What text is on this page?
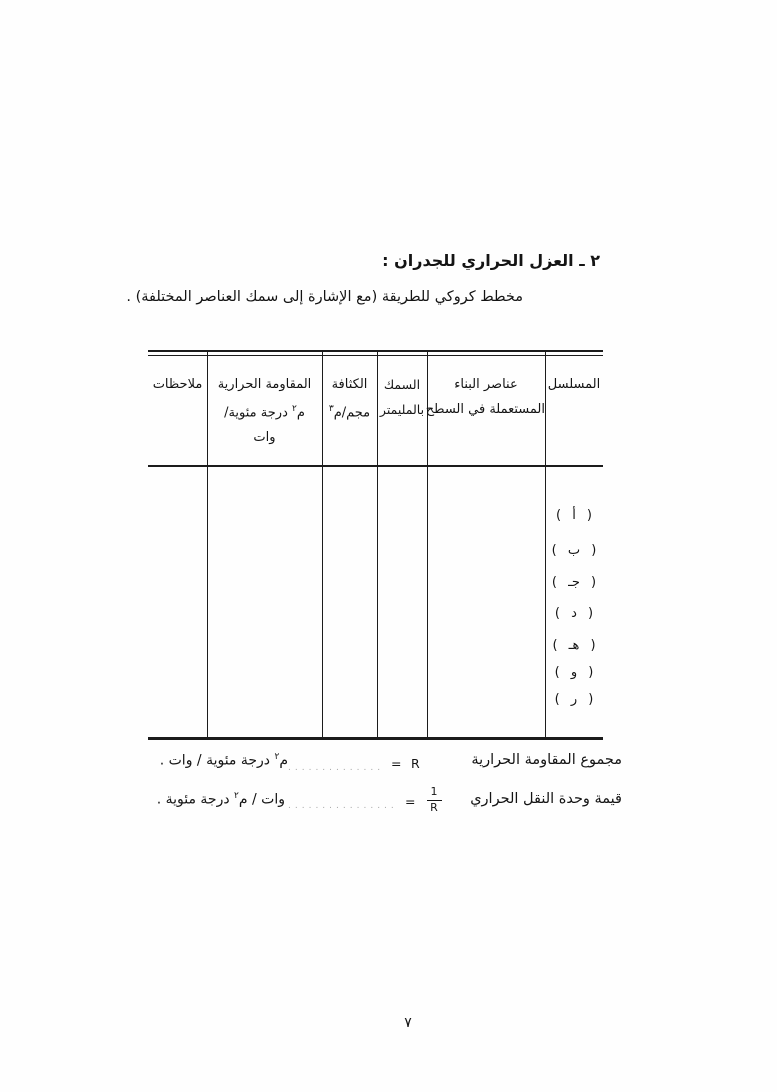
٢ ـ العزل الحراري للجدران :
مخطط كروكي للطريقة (مع الإشارة إلى سمك العناصر المختلفة) .
المسلسل
عناصر البناء
المستعملة في السطح
السمك
بالمليمتر
الكثافة
مجم/م$^٣$
المقاومة الحرارية
م$^٢$ درجة مئوية/
وات
ملاحظات
( أ )
( ب )
( جـ )
( د )
( هـ )
( و )
( ر )
مجموع المقاومة الحرارية
R
=
..............
م$^٢$ درجة مئوية / وات .
قيمة وحدة النقل الحراري
$\frac{1}{R}$
=
................
وات / م$^٢$ درجة مئوية .
٧
